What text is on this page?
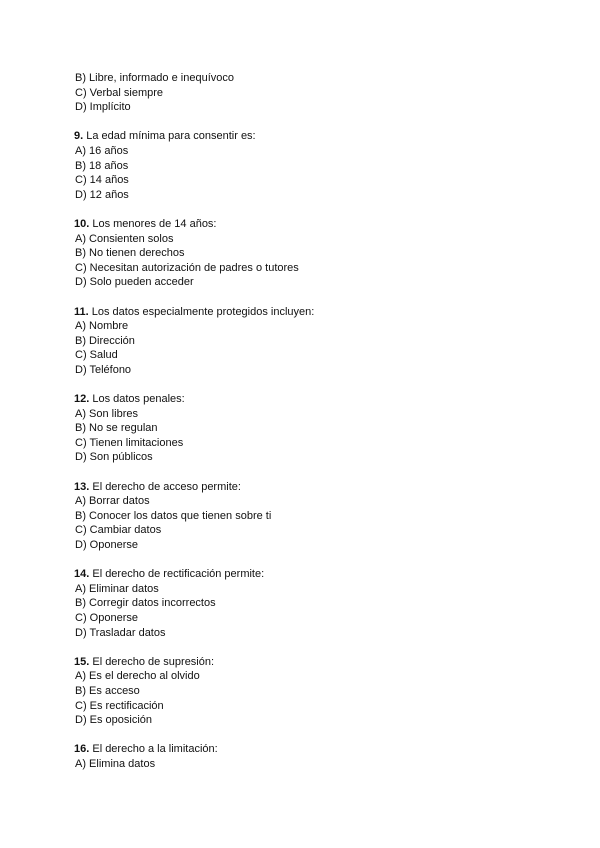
B) Libre, informado e inequívoco
C) Verbal siempre
D) Implícito
9. La edad mínima para consentir es:
A) 16 años
B) 18 años
C) 14 años
D) 12 años
10. Los menores de 14 años:
A) Consienten solos
B) No tienen derechos
C) Necesitan autorización de padres o tutores
D) Solo pueden acceder
11. Los datos especialmente protegidos incluyen:
A) Nombre
B) Dirección
C) Salud
D) Teléfono
12. Los datos penales:
A) Son libres
B) No se regulan
C) Tienen limitaciones
D) Son públicos
13. El derecho de acceso permite:
A) Borrar datos
B) Conocer los datos que tienen sobre ti
C) Cambiar datos
D) Oponerse
14. El derecho de rectificación permite:
A) Eliminar datos
B) Corregir datos incorrectos
C) Oponerse
D) Trasladar datos
15. El derecho de supresión:
A) Es el derecho al olvido
B) Es acceso
C) Es rectificación
D) Es oposición
16. El derecho a la limitación:
A) Elimina datos
